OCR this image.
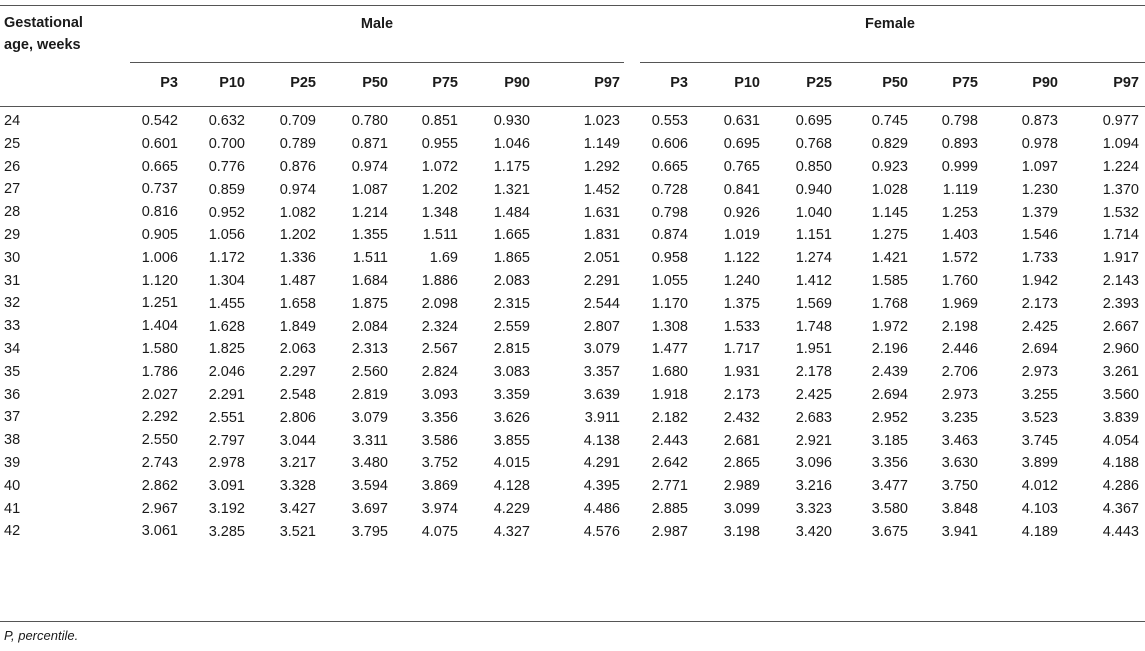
Gestational
age, weeks
Male	Female
P3	P10	P25	P50	P75	P90	P97	P3	P10	P25	P50	P75	P90	P97
24 0.542	0.632	0.709	0.780	0.851	0.930	1.023	0.553	0.631	0.695	0.745	0.798	0.873	0.977	

25 0.601	0.700	0.789	0.871	0.955	1.046	1.149	0.606	0.695	0.768	0.829	0.893	0.978	1.094	

26 0.665	0.776	0.876	0.974	1.072	1.175	1.292	0.665	0.765	0.850	0.923	0.999	1.097	1.224	

27 0.737	0.859	0.974	1.087	1.202	1.321	1.452	0.728	0.841	0.940	1.028	1.119	1.230	1.370	

28 0.816	0.952	1.082	1.214	1.348	1.484	1.631	0.798	0.926	1.040	1.145	1.253	1.379	1.532	

29 0.905	1.056	1.202	1.355	1.511	1.665	1.831	0.874	1.019	1.151	1.275	1.403	1.546	1.714	

30 1.006	1.172	1.336	1.511	1.69	1.865	2.051	0.958	1.122	1.274	1.421	1.572	1.733	1.917	

31 1.120	1.304	1.487	1.684	1.886	2.083	2.291	1.055	1.240	1.412	1.585	1.760	1.942	2.143	

32 1.251	1.455	1.658	1.875	2.098	2.315	2.544	1.170	1.375	1.569	1.768	1.969	2.173	2.393	

33 1.404	1.628	1.849	2.084	2.324	2.559	2.807	1.308	1.533	1.748	1.972	2.198	2.425	2.667	

34 1.580	1.825	2.063	2.313	2.567	2.815	3.079	1.477	1.717	1.951	2.196	2.446	2.694	2.960	

35 1.786	2.046	2.297	2.560	2.824	3.083	3.357	1.680	1.931	2.178	2.439	2.706	2.973	3.261	

36 2.027	2.291	2.548	2.819	3.093	3.359	3.639	1.918	2.173	2.425	2.694	2.973	3.255	3.560	

37 2.292	2.551	2.806	3.079	3.356	3.626	3.911	2.182	2.432	2.683	2.952	3.235	3.523	3.839	

38 2.550	2.797	3.044	3.311	3.586	3.855	4.138	2.443	2.681	2.921	3.185	3.463	3.745	4.054	

39 2.743	2.978	3.217	3.480	3.752	4.015	4.291	2.642	2.865	3.096	3.356	3.630	3.899	4.188	

40 2.862	3.091	3.328	3.594	3.869	4.128	4.395	2.771	2.989	3.216	3.477	3.750	4.012	4.286	

41 2.967	3.192	3.427	3.697	3.974	4.229	4.486	2.885	3.099	3.323	3.580	3.848	4.103	4.367	

42 3.061	3.285	3.521	3.795	4.075	4.327	4.576	2.987	3.198	3.420	3.675	3.941	4.189	4.443	
P, percentile.
